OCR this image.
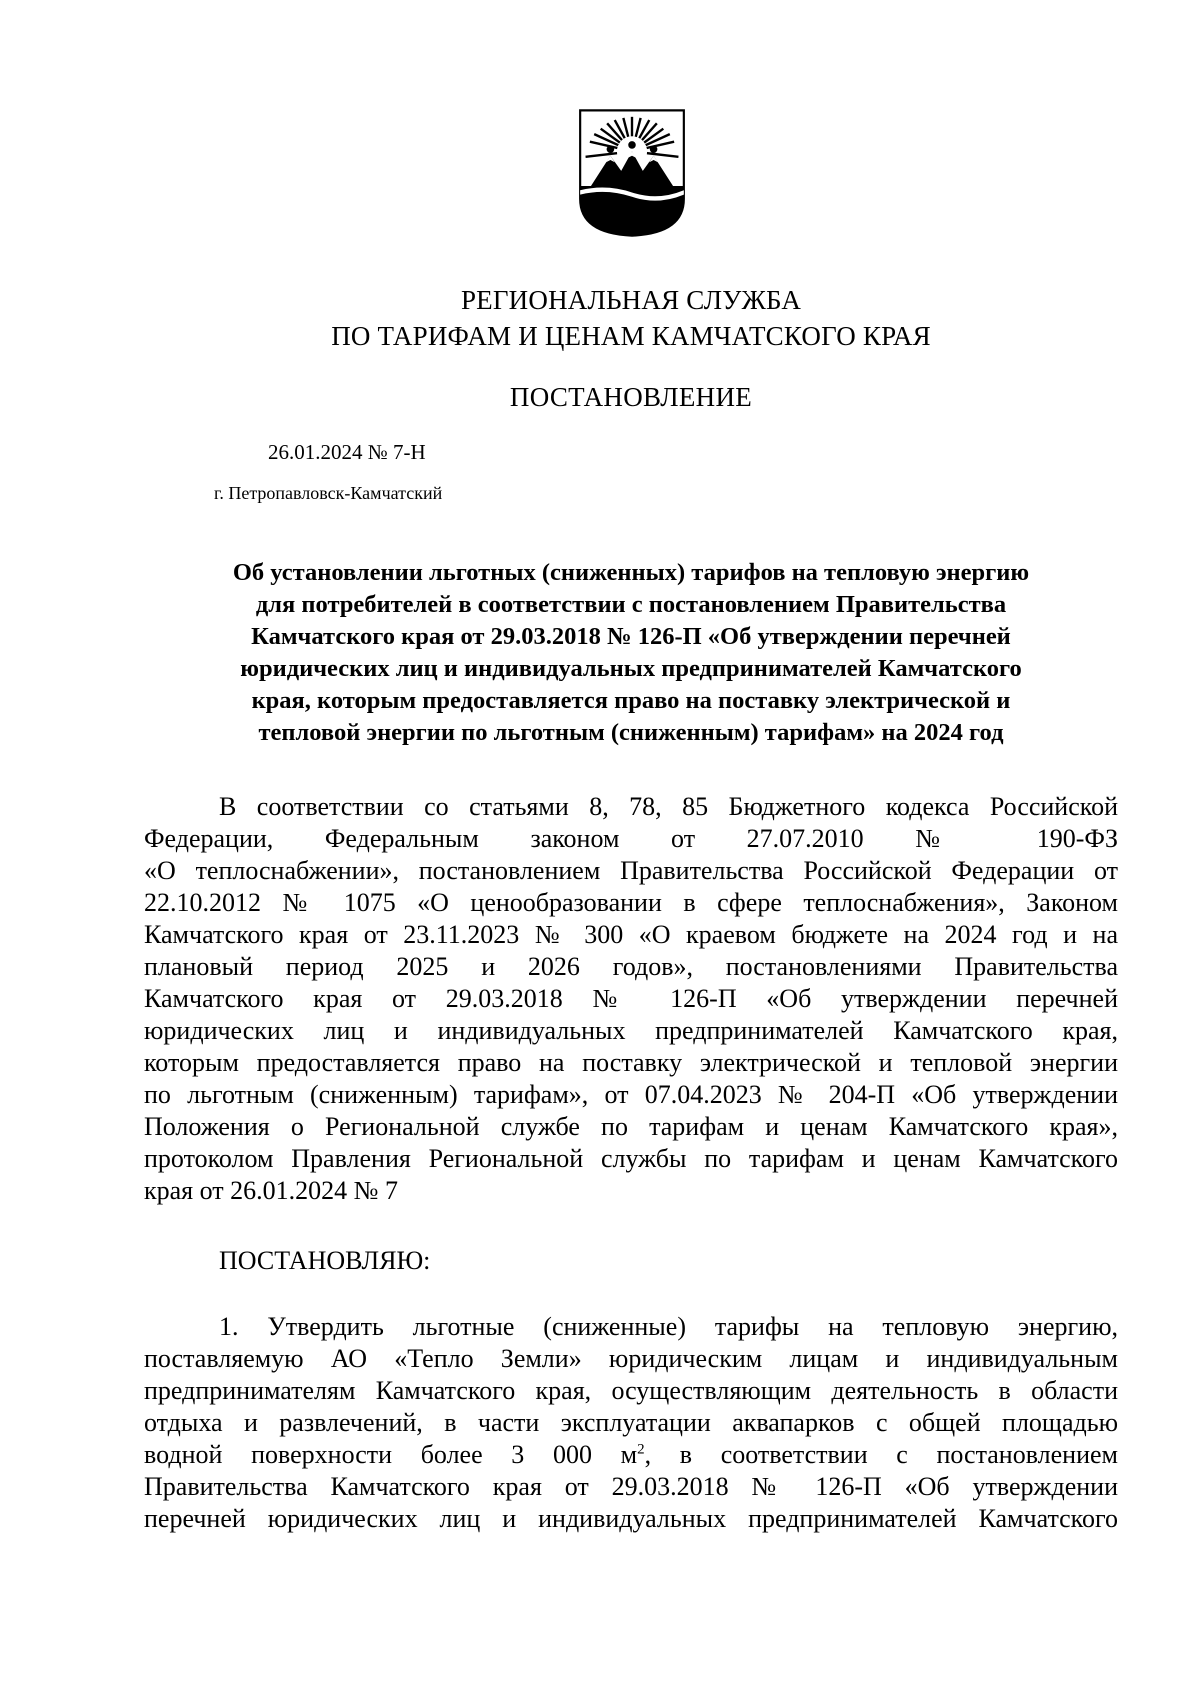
РЕГИОНАЛЬНАЯ СЛУЖБА
ПО ТАРИФАМ И ЦЕНАМ КАМЧАТСКОГО КРАЯ
ПОСТАНОВЛЕНИЕ
26.01.2024 № 7-Н
г. Петропавловск-Камчатский

Об установлении льготных (сниженных) тарифов на тепловую энергию

для потребителей в соответствии с постановлением Правительства

Камчатского края от 29.03.2018 № 126-П «Об утверждении перечней

юридических лиц и индивидуальных предпринимателей Камчатского

края, которым предоставляется право на поставку электрической и

тепловой энергии по льготным (сниженным) тарифам» на 2024 год

В соответствии со статьями 8, 78, 85 Бюджетного кодекса Российской

Федерации, Федеральным законом от 27.07.2010 № 190-ФЗ

«О теплоснабжении», постановлением Правительства Российской Федерации от

22.10.2012 № 1075 «О ценообразовании в сфере теплоснабжения», Законом

Камчатского края от 23.11.2023 № 300 «О краевом бюджете на 2024 год и на

плановый период 2025 и 2026 годов», постановлениями Правительства

Камчатского края от 29.03.2018 № 126-П «Об утверждении перечней

юридических лиц и индивидуальных предпринимателей Камчатского края,

которым предоставляется право на поставку электрической и тепловой энергии

по льготным (сниженным) тарифам», от 07.04.2023 № 204-П «Об утверждении

Положения о Региональной службе по тарифам и ценам Камчатского края»,

протоколом Правления Региональной службы по тарифам и ценам Камчатского

края от 26.01.2024 № 7

ПОСТАНОВЛЯЮ:

1. Утвердить льготные (сниженные) тарифы на тепловую энергию,

поставляемую АО «Тепло Земли» юридическим лицам и индивидуальным

предпринимателям Камчатского края, осуществляющим деятельность в области

отдыха и развлечений, в части эксплуатации аквапарков с общей площадью

водной поверхности более 3 000 $м^2$, в соответствии с постановлением

Правительства Камчатского края от 29.03.2018 № 126-П «Об утверждении

перечней юридических лиц и индивидуальных предпринимателей Камчатского
